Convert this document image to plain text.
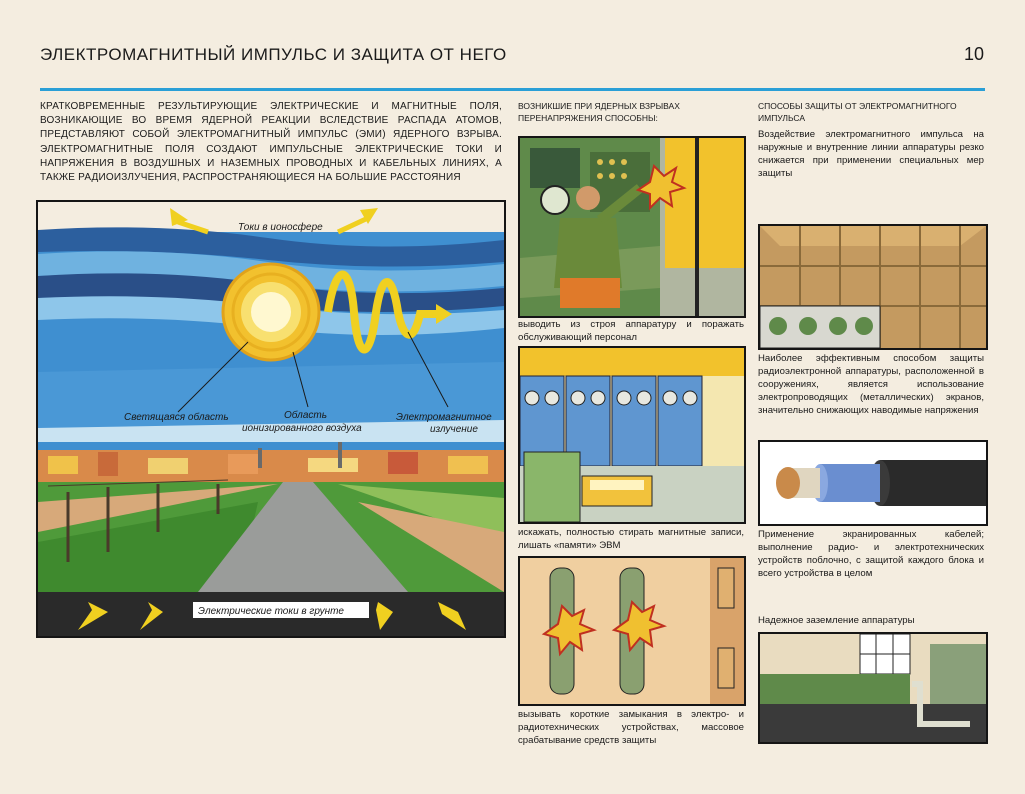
ЭЛЕКТРОМАГНИТНЫЙ ИМПУЛЬС И ЗАЩИТА ОТ НЕГО	10
КРАТКОВРЕМЕННЫЕ РЕЗУЛЬТИРУЮЩИЕ ЭЛЕКТРИЧЕСКИЕ И МАГНИТНЫЕ ПОЛЯ, ВОЗНИКАЮЩИЕ ВО ВРЕМЯ ЯДЕРНОЙ РЕАКЦИИ ВСЛЕДСТВИЕ РАСПАДА АТОМОВ, ПРЕДСТАВЛЯЮТ СОБОЙ ЭЛЕКТРОМАГНИТНЫЙ ИМПУЛЬС (ЭМИ) ЯДЕРНОГО ВЗРЫВА. ЭЛЕКТРОМАГНИТНЫЕ ПОЛЯ СОЗДАЮТ ИМПУЛЬСНЫЕ ЭЛЕКТРИЧЕСКИЕ ТОКИ И НАПРЯЖЕНИЯ В ВОЗДУШНЫХ И НАЗЕМНЫХ ПРОВОДНЫХ И КАБЕЛЬНЫХ ЛИНИЯХ, А ТАКЖЕ РАДИОИЗЛУЧЕНИЯ, РАСПРОСТРАНЯЮЩИЕСЯ НА БОЛЬШИЕ РАССТОЯНИЯ
Токи в ионосфере
Светящаяся область	Область
ионизированного воздуха
Электромагнитное
излучение
Электрические токи в грунте
ВОЗНИКШИЕ ПРИ ЯДЕРНЫХ ВЗРЫВАХ ПЕРЕНАПРЯЖЕНИЯ СПОСОБНЫ:
выводить из строя аппаратуру и поражать обслуживающий персонал
искажать, полностью стирать магнитные записи, лишать «памяти» ЭВМ
вызывать короткие замыкания в электро- и радиотехнических устройствах, массовое срабатывание средств защиты
СПОСОБЫ ЗАЩИТЫ ОТ ЭЛЕКТРОМАГНИТНОГО ИМПУЛЬСА
Воздействие электромагнитного импульса на наружные и внутренние линии аппаратуры резко снижается при применении специальных мер защиты
Наиболее эффективным способом защиты радиоэлектронной аппаратуры, расположенной в сооружениях, является использование электропроводящих (металлических) экранов, значительно снижающих наводимые напряжения
Применение экранированных кабелей; выполнение радио- и электротехнических устройств поблочно, с защитой каждого блока и всего устройства в целом
Надежное заземление аппаратуры
